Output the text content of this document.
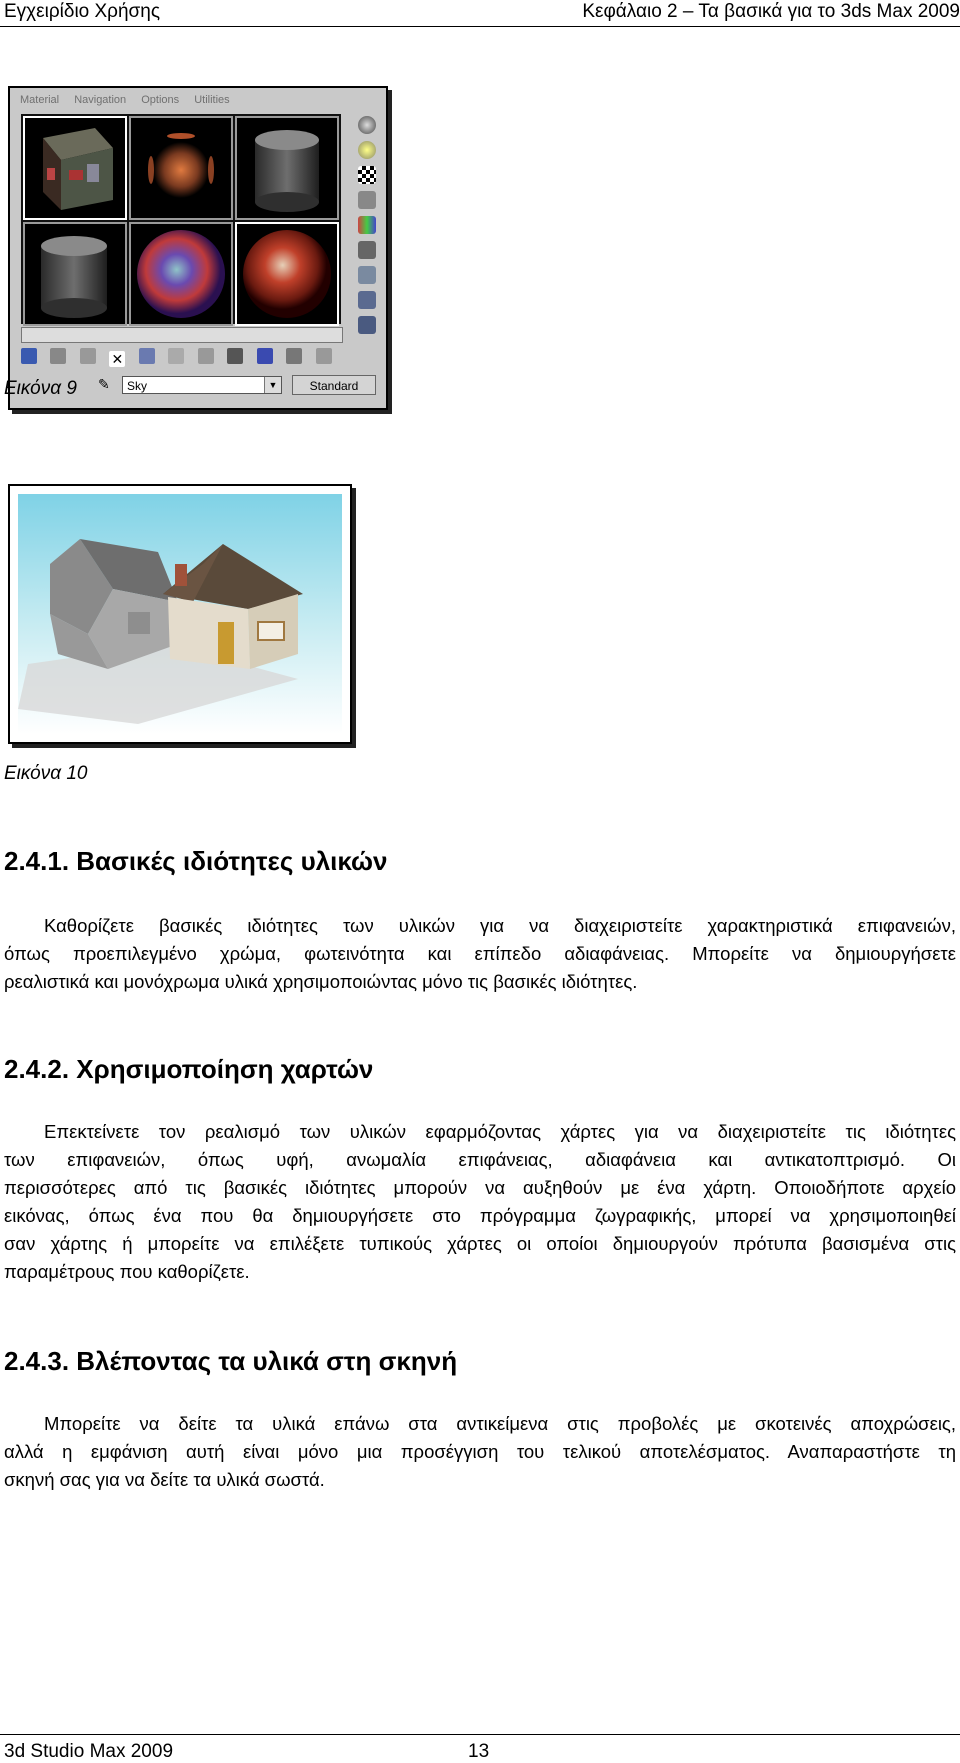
Εγχειρίδιο Χρήσης	Κεφάλαιο 2 – Τα βασικά για το 3ds Max 2009
Material Navigation Options Utilities
✕
✎	Sky	▼	Standard
Εικόνα 9
Εικόνα 10
2.4.1. Βασικές ιδιότητες υλικών
Καθορίζετε βασικές ιδιότητες των υλικών για να διαχειριστείτε χαρακτηριστικά επιφανειών,
όπως προεπιλεγμένο χρώμα, φωτεινότητα και επίπεδο αδιαφάνειας. Μπορείτε να δημιουργήσετε
ρεαλιστικά και μονόχρωμα υλικά χρησιμοποιώντας μόνο τις βασικές ιδιότητες.
2.4.2. Χρησιμοποίηση χαρτών
Επεκτείνετε τον ρεαλισμό των υλικών εφαρμόζοντας χάρτες για να διαχειριστείτε τις ιδιότητες
των επιφανειών, όπως υφή, ανωμαλία επιφάνειας, αδιαφάνεια και αντικατοπτρισμό. Οι
περισσότερες από τις βασικές ιδιότητες μπορούν να αυξηθούν με ένα χάρτη. Οποιοδήποτε αρχείο
εικόνας, όπως ένα που θα δημιουργήσετε στο πρόγραμμα ζωγραφικής, μπορεί να χρησιμοποιηθεί
σαν χάρτης ή μπορείτε να επιλέξετε τυπικούς χάρτες οι οποίοι δημιουργούν πρότυπα βασισμένα στις
παραμέτρους που καθορίζετε.
2.4.3. Βλέποντας τα υλικά στη σκηνή
Μπορείτε να δείτε τα υλικά επάνω στα αντικείμενα στις προβολές με σκοτεινές αποχρώσεις,
αλλά η εμφάνιση αυτή είναι μόνο μια προσέγγιση του τελικού αποτελέσματος. Αναπαραστήστε τη
σκηνή σας για να δείτε τα υλικά σωστά.
3d Studio Max 2009	13
